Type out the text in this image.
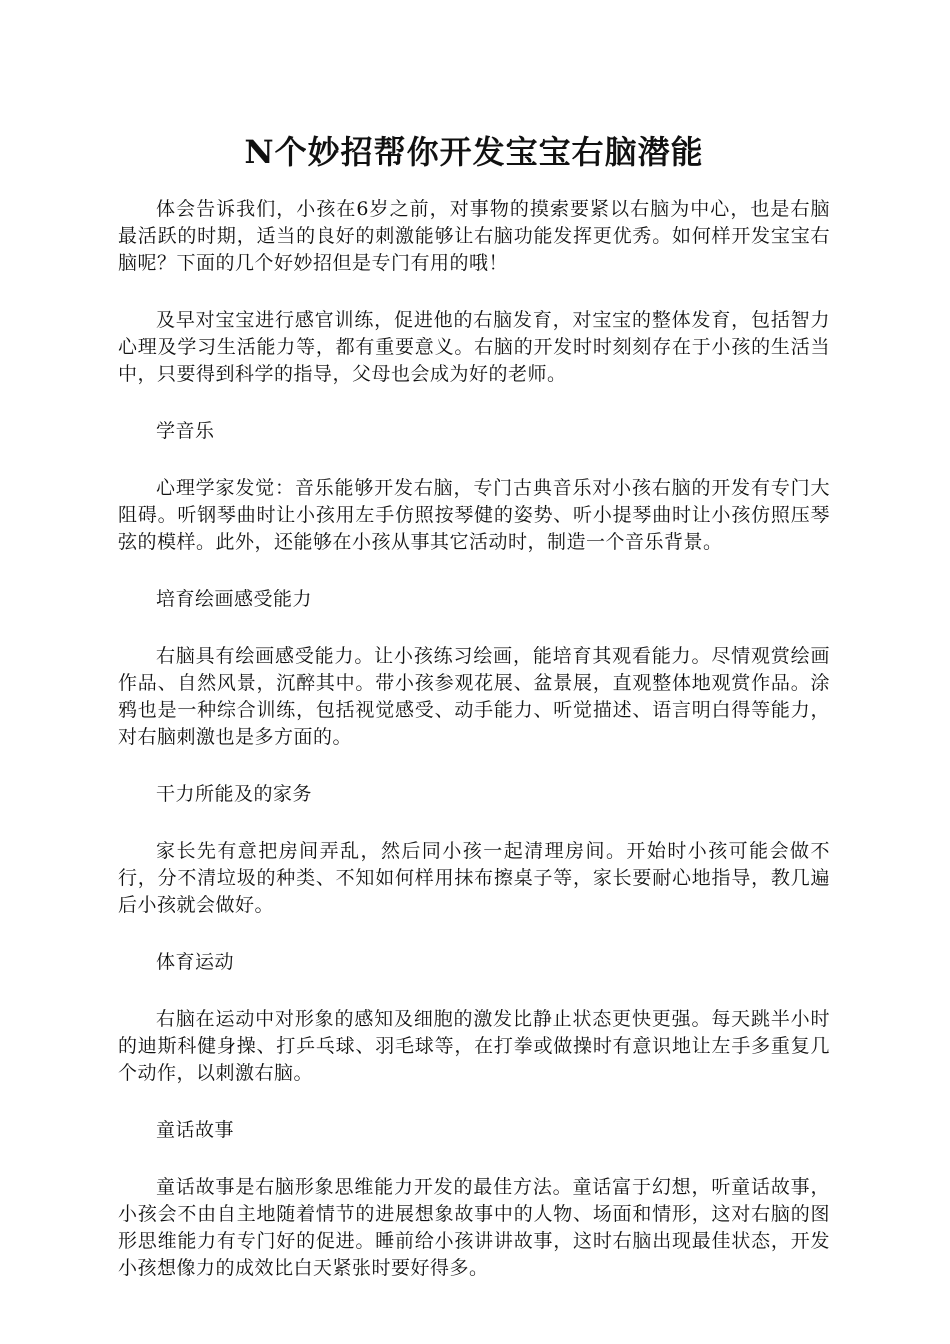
N个妙招帮你开发宝宝右脑潜能

体会告诉我们，小孩在6岁之前，对事物的摸索要紧以右脑为中心，也是右脑最活跃的时期，适当的良好的刺激能够让右脑功能发挥更优秀。如何样开发宝宝右脑呢？下面的几个好妙招但是专门有用的哦！

及早对宝宝进行感官训练，促进他的右脑发育，对宝宝的整体发育，包括智力心理及学习生活能力等，都有重要意义。右脑的开发时时刻刻存在于小孩的生活当中，只要得到科学的指导，父母也会成为好的老师。

学音乐

心理学家发觉：音乐能够开发右脑，专门古典音乐对小孩右脑的开发有专门大阻碍。听钢琴曲时让小孩用左手仿照按琴健的姿势、听小提琴曲时让小孩仿照压琴弦的模样。此外，还能够在小孩从事其它活动时，制造一个音乐背景。

培育绘画感受能力

右脑具有绘画感受能力。让小孩练习绘画，能培育其观看能力。尽情观赏绘画作品、自然风景，沉醉其中。带小孩参观花展、盆景展，直观整体地观赏作品。涂鸦也是一种综合训练，包括视觉感受、动手能力、听觉描述、语言明白得等能力，对右脑刺激也是多方面的。

干力所能及的家务

家长先有意把房间弄乱，然后同小孩一起清理房间。开始时小孩可能会做不行，分不清垃圾的种类、不知如何样用抹布擦桌子等，家长要耐心地指导，教几遍后小孩就会做好。

体育运动

右脑在运动中对形象的感知及细胞的激发比静止状态更快更强。每天跳半小时的迪斯科健身操、打乒乓球、羽毛球等，在打拳或做操时有意识地让左手多重复几个动作，以刺激右脑。

童话故事

童话故事是右脑形象思维能力开发的最佳方法。童话富于幻想，听童话故事，小孩会不由自主地随着情节的进展想象故事中的人物、场面和情形，这对右脑的图形思维能力有专门好的促进。睡前给小孩讲讲故事，这时右脑出现最佳状态，开发小孩想像力的成效比白天紧张时要好得多。
